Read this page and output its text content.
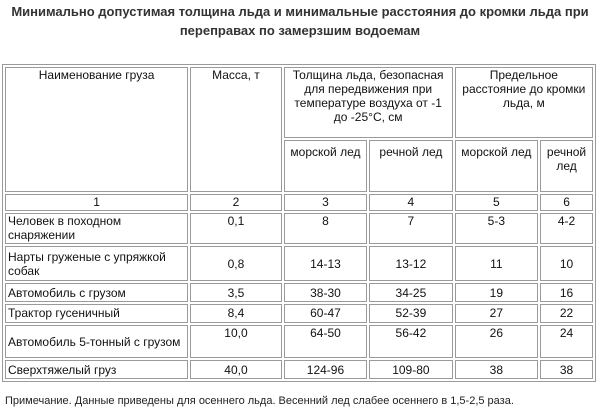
Минимально допустимая толщина льда и минимальные расстояния до кромки льда при
переправах по замерзшим водоемам
Наименование груза	Масса, т	Толщина льда, безопасная для передвижения при температуре воздуха от -1 до -25°С, см		Предельное расстояние до кромки льда, м	
		морской лед	речной лед	морской лед	речной лед
1	2	3	4	5	6
Человек в походном снаряжении	0,1	8	7	5-3	4-2
Нарты груженые с упряжкой собак	0,8	14-13	13-12	11	10
Автомобиль с грузом	3,5	38-30	34-25	19	16
Трактор гусеничный	8,4	60-47	52-39	27	22
Автомобиль 5-тонный с грузом	10,0	64-50	56-42	26	24
Сверхтяжелый груз	40,0	124-96	109-80	38	38
Примечание. Данные приведены для осеннего льда. Весенний лед слабее осеннего в 1,5-2,5 раза.
